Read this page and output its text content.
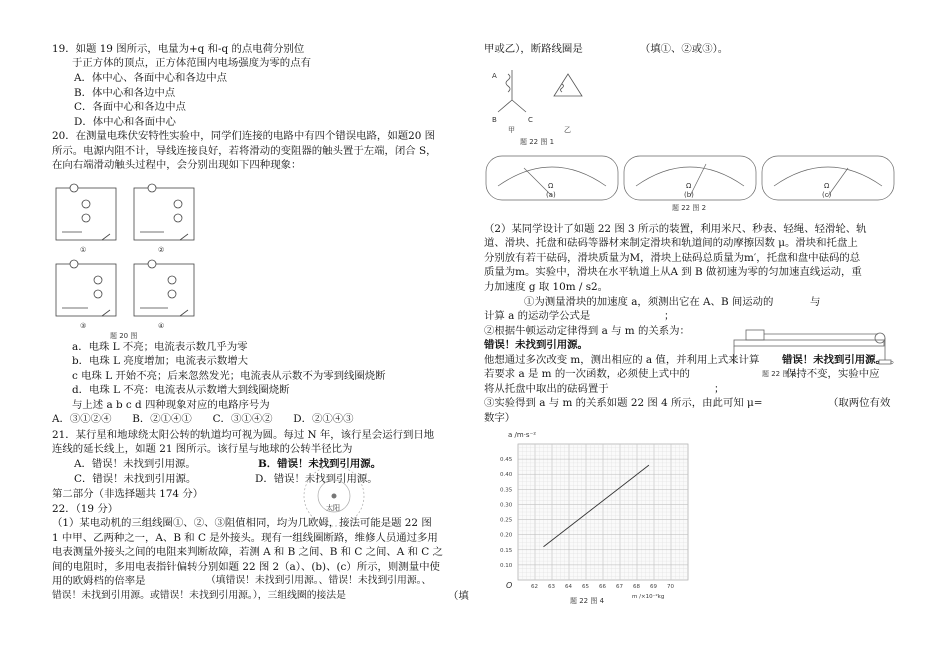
19．如题 19 图所示，电量为+q 和-q 的点电荷分别位
于正方体的顶点，正方体范围内电场强度为零的点有
A．体中心、各面中心和各边中点
B．体中心和各边中点
C．各面中心和各边中点
D．体中心和各面中心
20．在测量电珠伏安特性实验中，同学们连接的电路中有四个错误电路，如题20 图
所示。电源内阻不计，导线连接良好，若将滑动的变阻器的触头置于左端，闭合 S，
在向右端滑动触头过程中，会分别出现如下四种现象：
①	②
③	④
题 20 图
a．电珠 L 不亮；电流表示数几乎为零
b．电珠 L 亮度增加；电流表示数增大
c 电珠 L 开始不亮；后来忽然发光；电流表从示数不为零到线圈烧断
d．电珠 L 不亮：电流表从示数增大到线圈烧断
与上述 a b c d 四种现象对应的电路序号为
A．③①②④　　B．②①④①　　C．③①④②　　D．②①④③
21．某行星和地球绕太阳公转的轨道均可视为圆。每过 N 年，该行星会运行到日地
连线的延长线上，如题 21 图所示。该行星与地球的公转半径比为
A．错误！未找到引用源。	B．错误！未找到引用源。
C．错误！未找到引用源。	D．错误！未找到引用源。
太阳
第二部分（非选择题共 174 分）
22．（19 分）
（1）某电动机的三组线圈①、②、③阻值相同，均为几欧姆，接法可能是题 22 图
1 中甲、乙两种之一，A、B 和 C 是外接头。现有一组线圈断路，维修人员通过多用
电表测量外接头之间的电阻来判断故障，若测 A 和 B 之间、B 和 C 之间、A 和 C 之
间的电阻时，多用电表指针偏转分别如题 22 图 2（a）、(b)、(c）所示，则测量中使
用的欧姆档的倍率是	（填错误！未找到引用源。、错误！未找到引用源。、
错误！未找到引用源。或错误！未找到引用源。），三组线圈的接法是	（填
甲或乙），断路线圈是　　　　　　（填①、②或③）。
A
B	C
甲	乙
题 22 图 1
Ω	Ω	Ω
(a)	(b)	(c)
题 22 图 2
（2）某同学设计了如题 22 图 3 所示的装置，利用米尺、秒表、轻绳、轻滑轮、轨
道、滑块、托盘和砝码等器材来制定滑块和轨道间的动摩擦因数 μ。滑块和托盘上
分别放有若干砝码，滑块质量为M，滑块上砝码总质量为m′，托盘和盘中砝码的总
质量为m。实验中，滑块在水平轨道上从A 到 B 做初速为零的匀加速直线运动，重
力加速度 g 取 10m / s2。
①为测量滑块的加速度 a，须测出它在 A、B 间运动的	与
计算 a 的运动学公式是	；
②根据牛顿运动定律得到 a 与 m 的关系为：
错误！未找到引用源。
他想通过多次改变 m，测出相应的 a 值，并利用上式来计算 错误！未找到引用源。 。
若要求 a 是 m 的一次函数，必须使上式中的	保持不变，实验中应
将从托盘中取出的砝码置于	；
③实验得到 a 与 m 的关系如题 22 图 4 所示，由此可知 μ=	（取两位有效
数字）
题 22 图 3
62 63 64 65 66 67 68 69 70
0.10
0.15
0.20
0.25
0.30
0.35
0.40
0.45
a /m·s⁻²
m /×10⁻²kg
O
题 22 图 4
